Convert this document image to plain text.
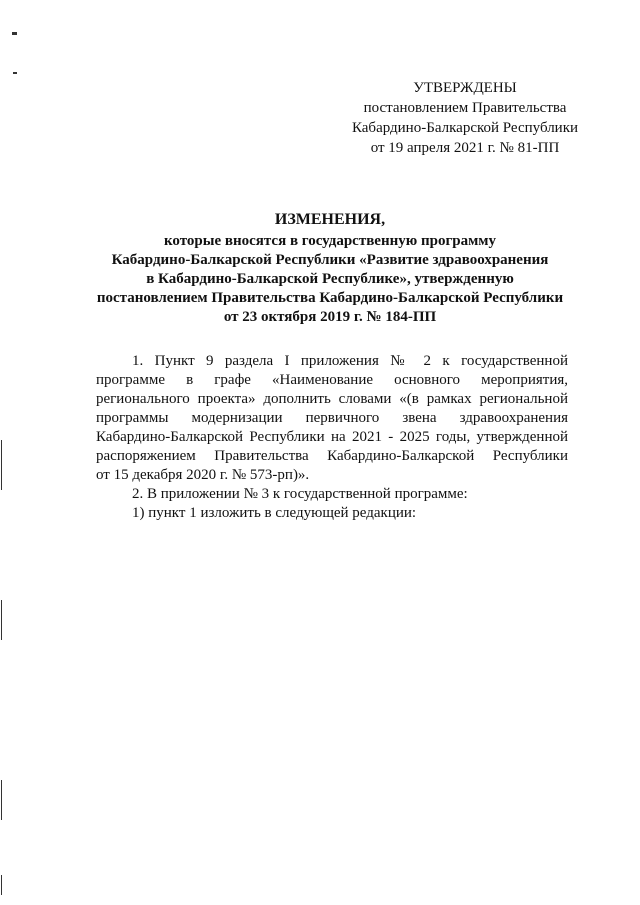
УТВЕРЖДЕНЫ
постановлением Правительства
Кабардино-Балкарской Республики
от 19 апреля 2021 г. № 81-ПП
ИЗМЕНЕНИЯ,
которые вносятся в государственную программу
Кабардино-Балкарской Республики «Развитие здравоохранения
в Кабардино-Балкарской Республике», утвержденную
постановлением Правительства Кабардино-Балкарской Республики
от 23 октября 2019 г. № 184-ПП
1. Пункт 9 раздела I приложения № 2 к государственной
программе в графе «Наименование основного мероприятия,
регионального проекта» дополнить словами «(в рамках региональной
программы модернизации первичного звена здравоохранения
Кабардино-Балкарской Республики на 2021 - 2025 годы, утвержденной
распоряжением Правительства Кабардино-Балкарской Республики
от 15 декабря 2020 г. № 573-рп)».
2. В приложении № 3 к государственной программе:
1) пункт 1 изложить в следующей редакции:
